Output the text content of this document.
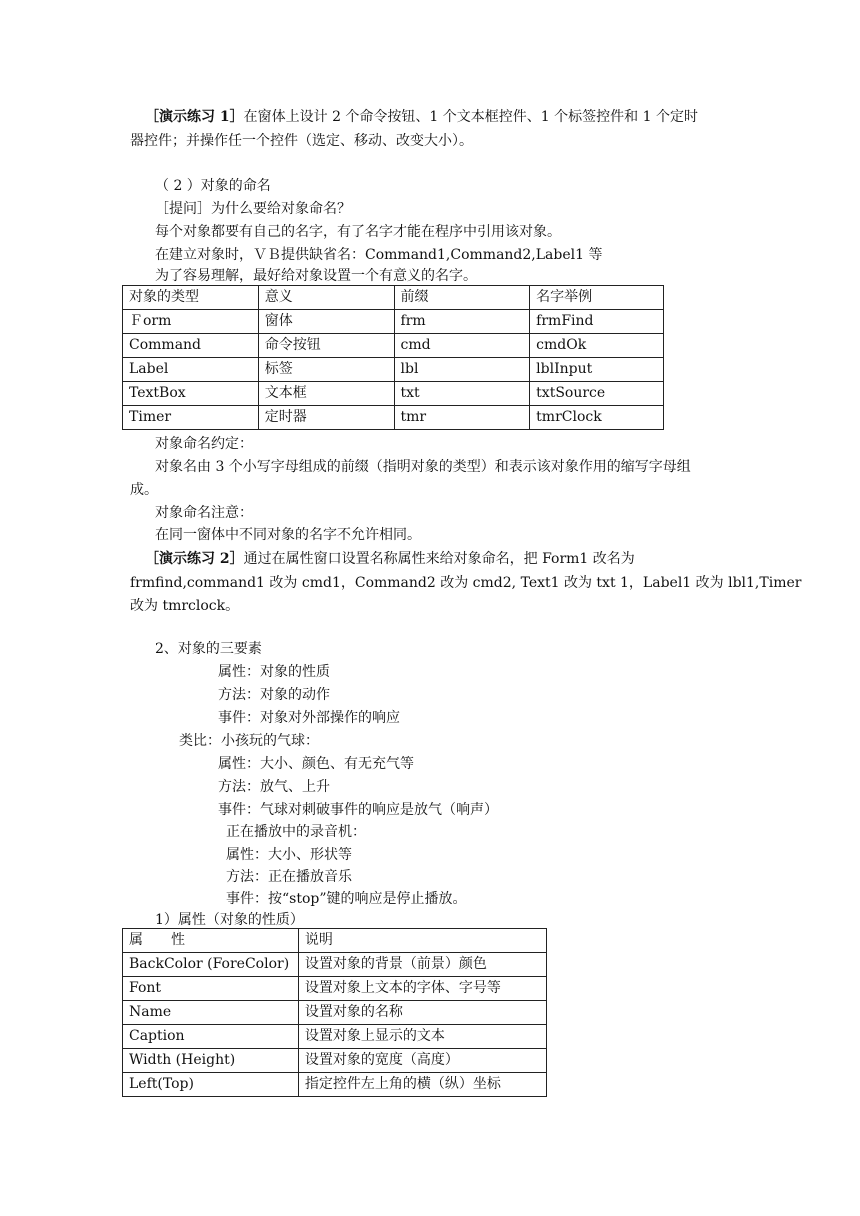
［演示练习 1］在窗体上设计 2 个命令按钮、1 个文本框控件、1 个标签控件和 1 个定时
器控件；并操作任一个控件（选定、移动、改变大小）。
（ 2 ）对象的命名
［提问］为什么要给对象命名？
每个对象都要有自己的名字，有了名字才能在程序中引用该对象。
在建立对象时，ＶＢ提供缺省名：Command1,Command2,Label1 等
为了容易理解，最好给对象设置一个有意义的名字。
对象的类型	意义	前缀	名字举例
Ｆorm	窗体	frm	frmFind
Command	命令按钮	cmd	cmdOk
Label	标签	lbl	lblInput
TextBox	文本框	txt	txtSource
Timer	定时器	tmr	tmrClock
对象命名约定：
对象名由 3 个小写字母组成的前缀（指明对象的类型）和表示该对象作用的缩写字母组
成。
对象命名注意：
在同一窗体中不同对象的名字不允许相同。
［演示练习 2］通过在属性窗口设置名称属性来给对象命名，把 Form1 改名为
frmfind,command1 改为 cmd1，Command2 改为 cmd2, Text1 改为 txt 1，Label1 改为 lbl1,Timer
改为 tmrclock。
2、对象的三要素
属性：对象的性质
方法：对象的动作
事件：对象对外部操作的响应
类比：小孩玩的气球：
属性：大小、颜色、有无充气等
方法：放气、上升
事件：气球对刺破事件的响应是放气（响声）
正在播放中的录音机：
属性：大小、形状等
方法：正在播放音乐
事件：按“stop”键的响应是停止播放。
1）属性（对象的性质）
属　　性	说明
BackColor (ForeColor)	设置对象的背景（前景）颜色
Font	设置对象上文本的字体、字号等
Name	设置对象的名称
Caption	设置对象上显示的文本
Width (Height)	设置对象的宽度（高度）
Left(Top)	指定控件左上角的横（纵）坐标
